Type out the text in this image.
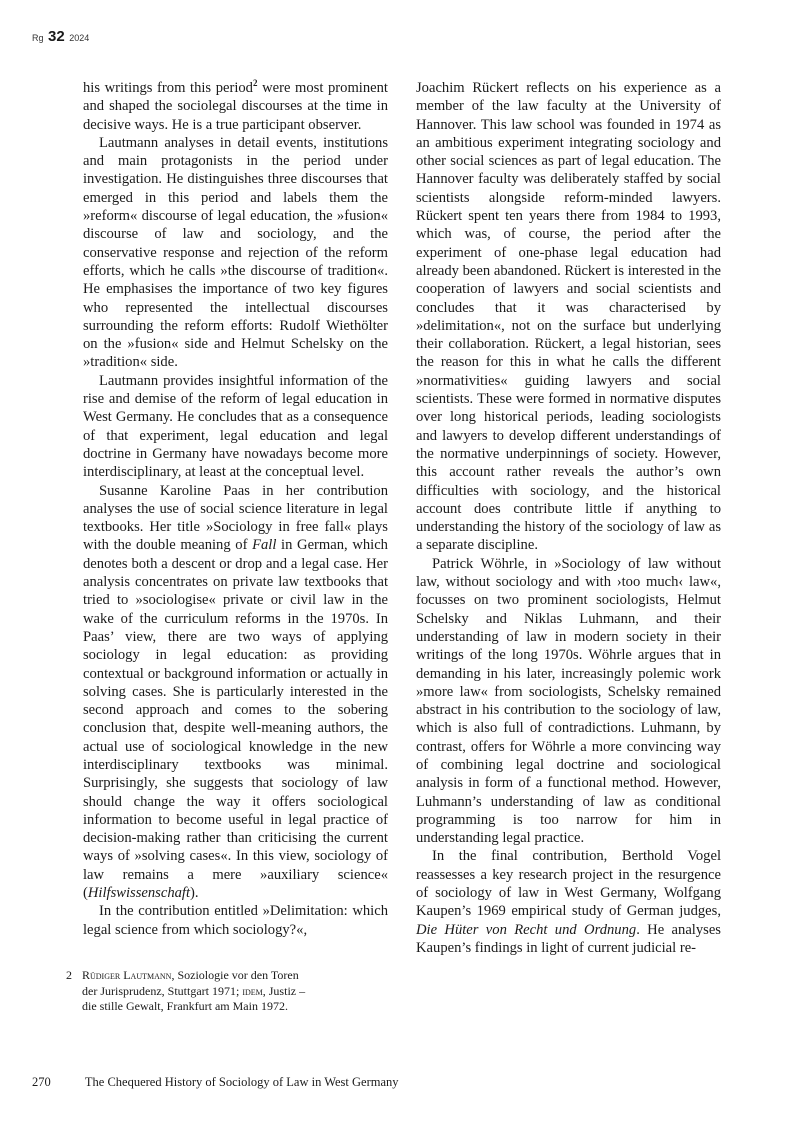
Rg 32 2024

his writings from this period$^2$ were most prominent and shaped the sociolegal discourses at the time in decisive ways. He is a true participant observer.

Lautmann analyses in detail events, institutions and main protagonists in the period under investigation. He distinguishes three discourses that emerged in this period and labels them the »reform« discourse of legal education, the »fusion« discourse of law and sociology, and the conservative response and rejection of the reform efforts, which he calls »the discourse of tradition«. He emphasises the importance of two key figures who represented the intellectual discourses surrounding the reform efforts: Rudolf Wiethölter on the »fusion« side and Helmut Schelsky on the »tradition« side.

Lautmann provides insightful information of the rise and demise of the reform of legal education in West Germany. He concludes that as a consequence of that experiment, legal education and legal doctrine in Germany have nowadays become more interdisciplinary, at least at the conceptual level.

Susanne Karoline Paas in her contribution analyses the use of social science literature in legal textbooks. Her title »Sociology in free fall« plays with the double meaning of Fall in German, which denotes both a descent or drop and a legal case. Her analysis concentrates on private law textbooks that tried to »sociologise« private or civil law in the wake of the curriculum reforms in the 1970s. In Paas’ view, there are two ways of applying sociology in legal education: as providing contextual or background information or actually in solving cases. She is particularly interested in the second approach and comes to the sobering conclusion that, despite well-meaning authors, the actual use of sociological knowledge in the new interdisciplinary textbooks was minimal. Surprisingly, she suggests that sociology of law should change the way it offers sociological information to become useful in legal practice of decision-making rather than criticising the current ways of »solving cases«. In this view, sociology of law remains a mere »auxiliary science« (Hilfswissenschaft).

In the contribution entitled »Delimitation: which legal science from which sociology?«,

2 Rüdiger Lautmann, Soziologie vor den Toren der Jurisprudenz, Stuttgart 1971; idem, Justiz – die stille Gewalt, Frankfurt am Main 1972.

Joachim Rückert reflects on his experience as a member of the law faculty at the University of Hannover. This law school was founded in 1974 as an ambitious experiment integrating sociology and other social sciences as part of legal education. The Hannover faculty was deliberately staffed by social scientists alongside reform-minded lawyers. Rückert spent ten years there from 1984 to 1993, which was, of course, the period after the experiment of one-phase legal education had already been abandoned. Rückert is interested in the cooperation of lawyers and social scientists and concludes that it was characterised by »delimitation«, not on the surface but underlying their collaboration. Rückert, a legal historian, sees the reason for this in what he calls the different »normativities« guiding lawyers and social scientists. These were formed in normative disputes over long historical periods, leading sociologists and lawyers to develop different understandings of the normative underpinnings of society. However, this account rather reveals the author’s own difficulties with sociology, and the historical account does contribute little if anything to understanding the history of the sociology of law as a separate discipline.

Patrick Wöhrle, in »Sociology of law without law, without sociology and with ›too much‹ law«, focusses on two prominent sociologists, Helmut Schelsky and Niklas Luhmann, and their understanding of law in modern society in their writings of the long 1970s. Wöhrle argues that in demanding in his later, increasingly polemic work »more law« from sociologists, Schelsky remained abstract in his contribution to the sociology of law, which is also full of contradictions. Luhmann, by contrast, offers for Wöhrle a more convincing way of combining legal doctrine and sociological analysis in form of a functional method. However, Luhmann’s understanding of law as conditional programming is too narrow for him in understanding legal practice.

In the final contribution, Berthold Vogel reassesses a key research project in the resurgence of sociology of law in West Germany, Wolfgang Kaupen’s 1969 empirical study of German judges, Die Hüter von Recht und Ordnung. He analyses Kaupen’s findings in light of current judicial re-

270	The Chequered History of Sociology of Law in West Germany
